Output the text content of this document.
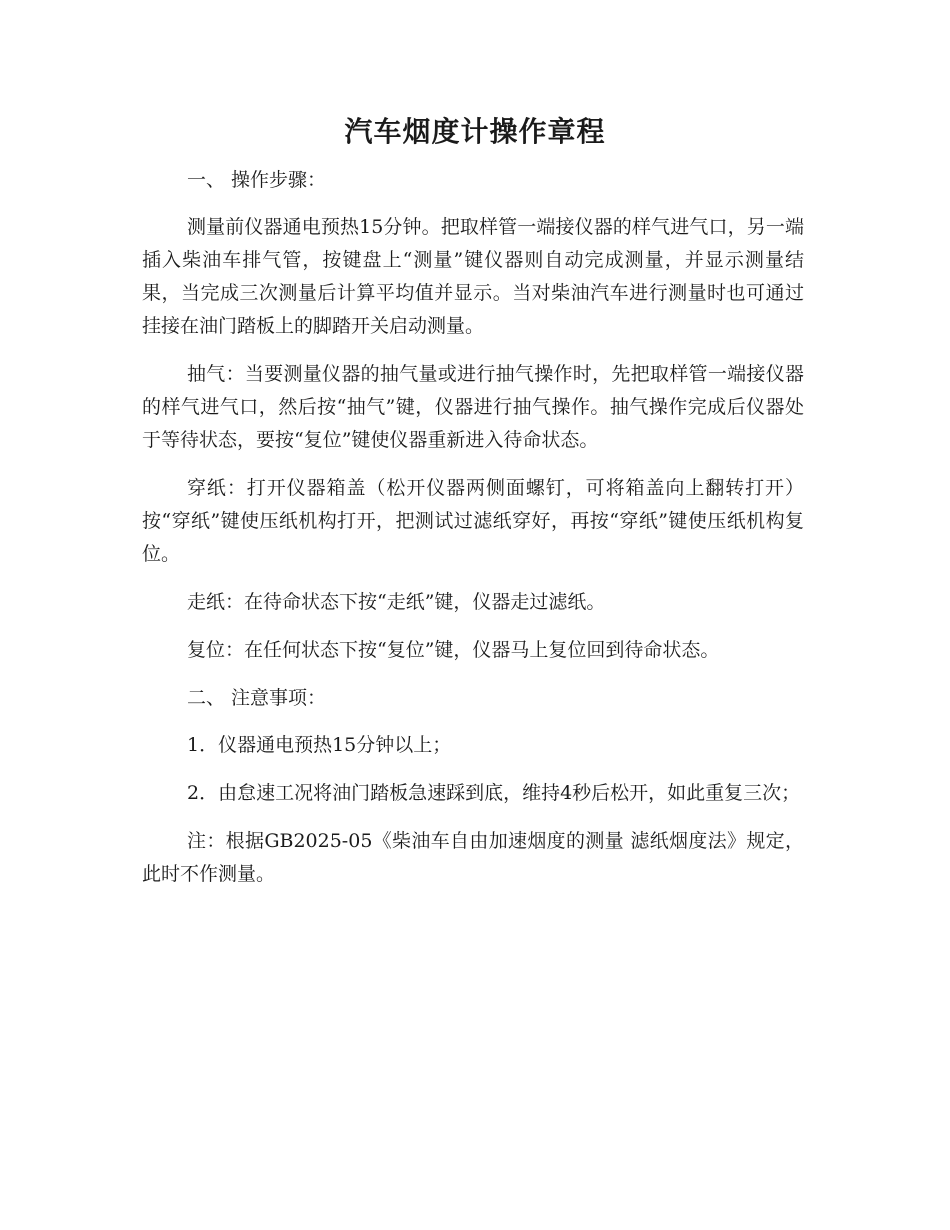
汽车烟度计操作章程

一、 操作步骤：

测量前仪器通电预热15分钟。把取样管一端接仪器的样气进气口，另一端插入柴油车排气管，按键盘上“测量”键仪器则自动完成测量，并显示测量结果，当完成三次测量后计算平均值并显示。当对柴油汽车进行测量时也可通过挂接在油门踏板上的脚踏开关启动测量。

抽气：当要测量仪器的抽气量或进行抽气操作时，先把取样管一端接仪器的样气进气口，然后按“抽气”键，仪器进行抽气操作。抽气操作完成后仪器处于等待状态，要按“复位”键使仪器重新进入待命状态。

穿纸：打开仪器箱盖（松开仪器两侧面螺钉，可将箱盖向上翻转打开）按“穿纸”键使压纸机构打开，把测试过滤纸穿好，再按“穿纸”键使压纸机构复位。

走纸：在待命状态下按“走纸”键，仪器走过滤纸。

复位：在任何状态下按“复位”键，仪器马上复位回到待命状态。

二、 注意事项：

1．仪器通电预热15分钟以上；

2．由怠速工况将油门踏板急速踩到底，维持4秒后松开，如此重复三次；

注：根据GB2025-05《柴油车自由加速烟度的测量 滤纸烟度法》规定，此时不作测量。
